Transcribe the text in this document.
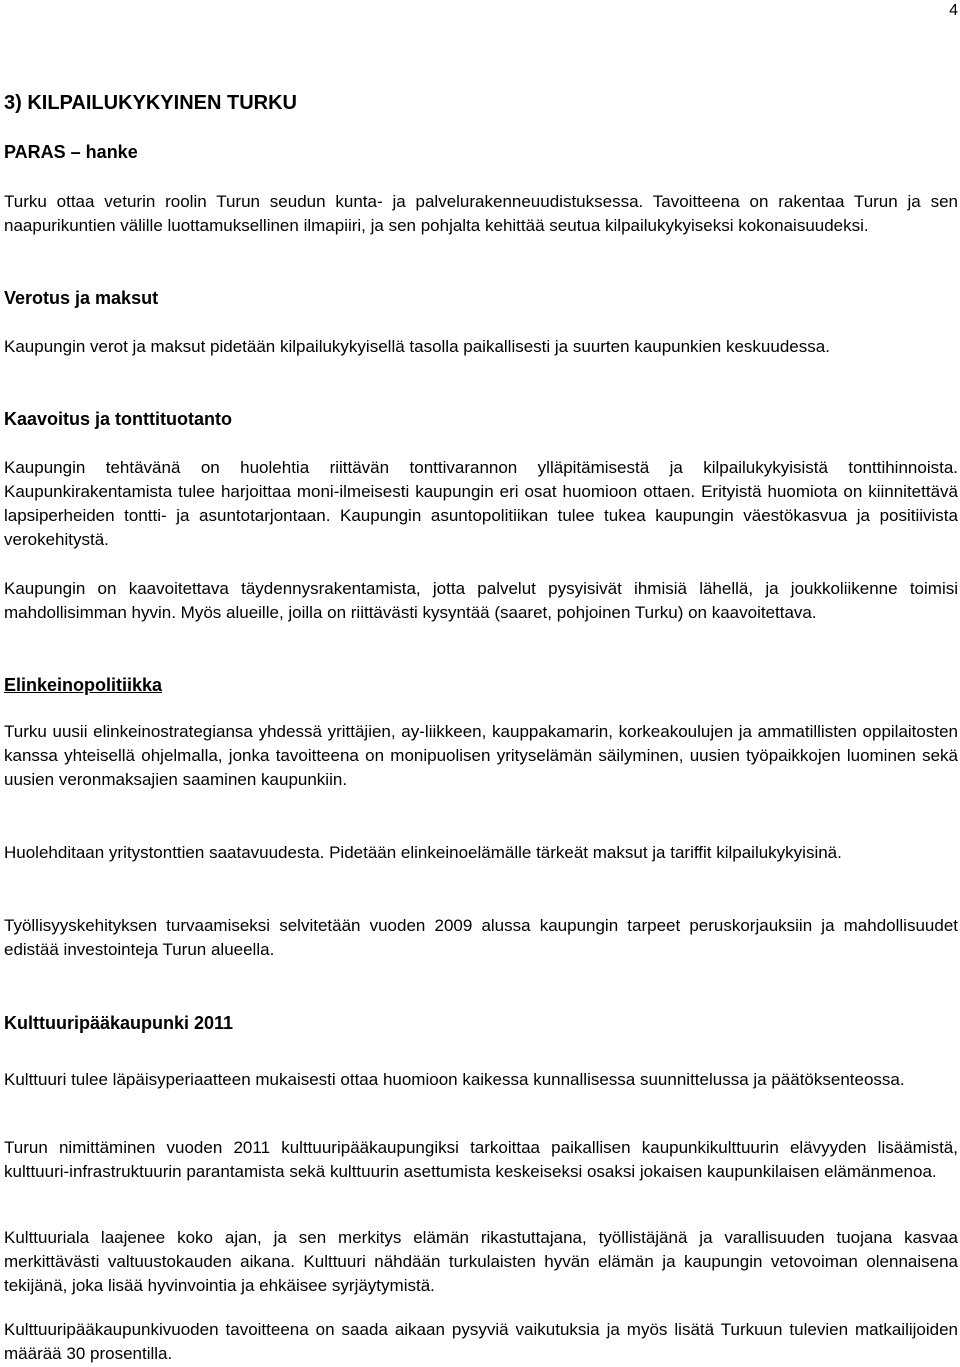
4
3) KILPAILUKYKYINEN TURKU
PARAS – hanke

Turku ottaa veturin roolin Turun seudun kunta- ja palvelurakenneuudistuksessa. Tavoitteena on rakentaa Turun ja sen naapurikuntien välille luottamuksellinen ilmapiiri, ja sen pohjalta kehittää seutua kilpailukykyiseksi kokonaisuudeksi.

Verotus ja maksut

Kaupungin verot ja maksut pidetään kilpailukykyisellä tasolla paikallisesti ja suurten kaupunkien keskuudessa.

Kaavoitus ja tonttituotanto

Kaupungin tehtävänä on huolehtia riittävän tonttivarannon ylläpitämisestä ja kilpailukykyisistä tonttihinnoista. Kaupunkirakentamista tulee harjoittaa moni-ilmeisesti kaupungin eri osat huomioon ottaen. Erityistä huomiota on kiinnitettävä lapsiperheiden tontti- ja asuntotarjontaan. Kaupungin asuntopolitiikan tulee tukea kaupungin väestökasvua ja positiivista verokehitystä.

Kaupungin on kaavoitettava täydennysrakentamista, jotta palvelut pysyisivät ihmisiä lähellä, ja joukkoliikenne toimisi mahdollisimman hyvin. Myös alueille, joilla on riittävästi kysyntää (saaret, pohjoinen Turku) on kaavoitettava.

Elinkeinopolitiikka

Turku uusii elinkeinostrategiansa yhdessä yrittäjien, ay-liikkeen, kauppakamarin, korkeakoulujen ja ammatillisten oppilaitosten kanssa yhteisellä ohjelmalla, jonka tavoitteena on monipuolisen yrityselämän säilyminen, uusien työpaikkojen luominen sekä uusien veronmaksajien saaminen kaupunkiin.

Huolehditaan yritystonttien saatavuudesta. Pidetään elinkeinoelämälle tärkeät maksut ja tariffit kilpailukykyisinä.

Työllisyyskehityksen turvaamiseksi selvitetään vuoden 2009 alussa kaupungin tarpeet peruskorjauksiin ja mahdollisuudet edistää investointeja Turun alueella.

Kulttuuripääkaupunki 2011

Kulttuuri tulee läpäisyperiaatteen mukaisesti ottaa huomioon kaikessa kunnallisessa suunnittelussa ja päätöksenteossa.

Turun nimittäminen vuoden 2011 kulttuuripääkaupungiksi tarkoittaa paikallisen kaupunkikulttuurin elävyyden lisäämistä, kulttuuri-infrastruktuurin parantamista sekä kulttuurin asettumista keskeiseksi osaksi jokaisen kaupunkilaisen elämänmenoa.

Kulttuuriala laajenee koko ajan, ja sen merkitys elämän rikastuttajana, työllistäjänä ja varallisuuden tuojana kasvaa merkittävästi valtuustokauden aikana. Kulttuuri nähdään turkulaisten hyvän elämän ja kaupungin vetovoiman olennaisena tekijänä, joka lisää hyvinvointia ja ehkäisee syrjäytymistä.

Kulttuuripääkaupunkivuoden tavoitteena on saada aikaan pysyviä vaikutuksia ja myös lisätä Turkuun tulevien matkailijoiden määrää 30 prosentilla.
